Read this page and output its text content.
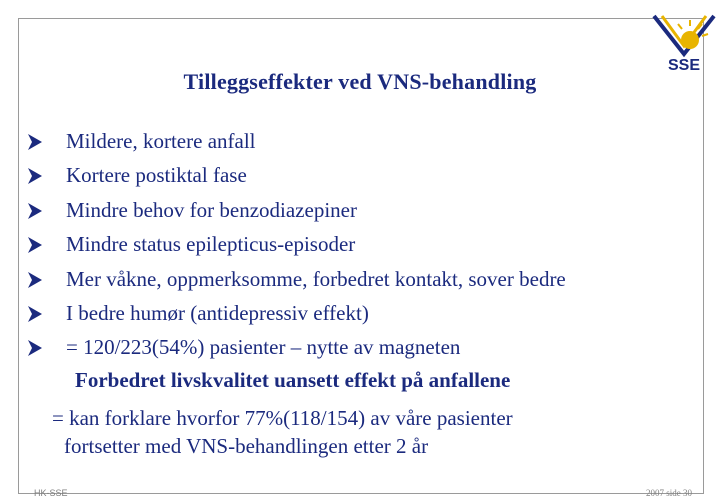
SSE
Tilleggseffekter ved VNS-behandling
Mildere, kortere anfall
Kortere postiktal fase
Mindre behov for benzodiazepiner
Mindre status epilepticus-episoder
Mer våkne, oppmerksomme, forbedret kontakt, sover bedre
I bedre humør (antidepressiv effekt)
= 120/223(54%) pasienter – nytte av magneten
Forbedret livskvalitet uansett effekt på anfallene
= kan forklare hvorfor 77%(118/154) av våre pasienter
fortsetter med VNS-behandlingen etter 2 år
HK-SSE	2007 side 30
